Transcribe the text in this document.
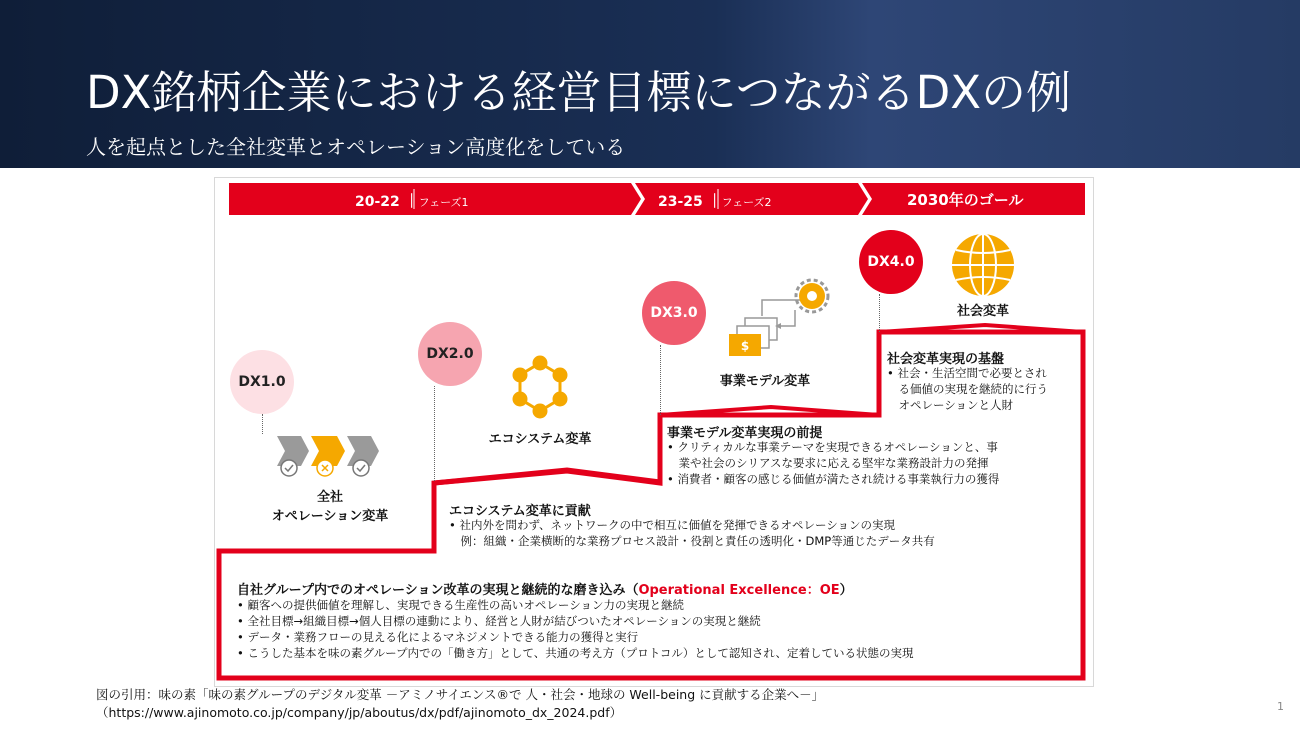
DX銘柄企業における経営目標につながるDXの例
人を起点とした全社変革とオペレーション高度化をしている
$
20-22 ｜フェーズ1	23-25 ｜フェーズ2	2030年のゴール
DX1.0
DX2.0
DX3.0
DX4.0
全社
オペレーション変革
エコシステム変革
事業モデル変革
社会変革
社会変革実現の基盤
• 社会・生活空間で必要とされ
　る価値の実現を継続的に行う
　オペレーションと人財
事業モデル変革実現の前提
• クリティカルな事業テーマを実現できるオペレーションと、事
　業や社会のシリアスな要求に応える堅牢な業務設計力の発揮
• 消費者・顧客の感じる価値が満たされ続ける事業執行力の獲得
エコシステム変革に貢献
• 社内外を問わず、ネットワークの中で相互に価値を発揮できるオペレーションの実現
　例：組織・企業横断的な業務プロセス設計・役割と責任の透明化・DMP等通じたデータ共有
自社グループ内でのオペレーション改革の実現と継続的な磨き込み（Operational Excellence：OE）
• 顧客への提供価値を理解し、実現できる生産性の高いオペレーション力の実現と継続
• 全社目標→組織目標→個人目標の連動により、経営と人財が結びついたオペレーションの実現と継続
• データ・業務フローの見える化によるマネジメントできる能力の獲得と実行
• こうした基本を味の素グループ内での「働き方」として、共通の考え方（プロトコル）として認知され、定着している状態の実現
図の引用：味の素「味の素グループのデジタル変革 －アミノサイエンス®で 人・社会・地球の Well-being に貢献する企業へ－」
（https://www.ajinomoto.co.jp/company/jp/aboutus/dx/pdf/ajinomoto_dx_2024.pdf）	1
